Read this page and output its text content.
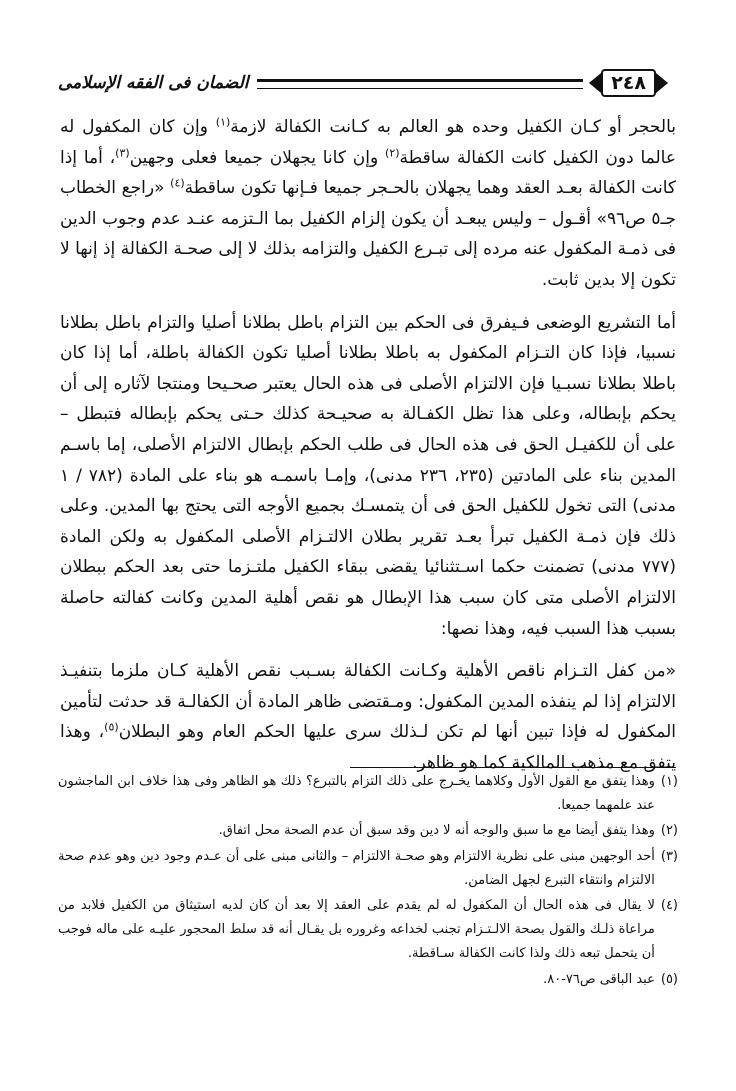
الضمان فى الفقه الإسلامى	٢٤٨

بالحجر أو كـان الكفيل وحده هو العالم به كـانت الكفالة لازمة$^{(١)}$ وإن كان المكفول له عالما دون الكفيل كانت الكفالة ساقطة$^{(٢)}$ وإن كانا يجهلان جميعا فعلى وجهين$^{(٣)}$، أما إذا كانت الكفالة بعـد العقد وهما يجهلان بالحـجر جميعا فـإنها تكون ساقطة$^{(٤)}$ «راجع الخطاب جـ٥ ص٩٦» أقـول – وليس يبعـد أن يكون إلزام الكفيل بما الـتزمه عنـد عدم وجوب الدين فى ذمـة المكفول عنه مرده إلى تبـرع الكفيل والتزامه بذلك لا إلى صحـة الكفالة إذ إنها لا تكون إلا بدين ثابت.

أما التشريع الوضعى فـيفرق فى الحكم بين التزام باطل بطلانا أصليا والتزام باطل بطلانا نسبيا، فإذا كان التـزام المكفول به باطلا بطلانا أصليا تكون الكفالة باطلة، أما إذا كان باطلا بطلانا نسبـيا فإن الالتزام الأصلى فى هذه الحال يعتبر صحـيحا ومنتجا لآثاره إلى أن يحكم بإبطاله، وعلى هذا تظل الكفـالة به صحيـحة كذلك حـتى يحكم بإبطاله فتبطل – على أن للكفيـل الحق فى هذه الحال فى طلب الحكم بإبطال الالتزام الأصلى، إما باسـم المدين بناء على المادتين (٢٣٥، ٢٣٦ مدنى)، وإمـا باسمـه هو بناء على المادة (٧٨٢ / ١ مدنى) التى تخول للكفيل الحق فى أن يتمسـك بجميع الأوجه التى يحتج بها المدين. وعلى ذلك فإن ذمـة الكفيل تبرأ بعـد تقرير بطلان الالتـزام الأصلى المكفول به ولكن المادة (٧٧٧ مدنى) تضمنت حكما اسـتثنائيا يقضى ببقاء الكفيل ملتـزما حتى بعد الحكم ببطلان الالتزام الأصلى متى كان سبب هذا الإبطال هو نقص أهلية المدين وكانت كفالته حاصلة بسبب هذا السبب فيه، وهذا نصها:

«من كفل التـزام ناقص الأهلية وكـانت الكفالة بسـبب نقص الأهلية كـان ملزما بتنفيـذ الالتزام إذا لم ينفذه المدين المكفول: ومـقتضى ظاهر المادة أن الكفالـة قد حدثت لتأمين المكفول له فإذا تبين أنها لم تكن لـذلك سرى عليها الحكم العام وهو البطلان$^{(٥)}$، وهذا يتفق مع مذهب المالكية كما هو ظاهر.

(١)
وهذا يتفق مع القول الأول وكلاهما يخـرج على ذلك التزام بالتبرع؟ ذلك هو الظاهر وفى هذا خلاف ابن الماجشون عند علمهما جميعا.
(٢)
وهذا يتفق أيضا مع ما سبق والوجه أنه لا دين وقد سبق أن عدم الصحة محل اتفاق.
(٣)
أحد الوجهين مبنى على نظرية الالتزام وهو صحـة الالتزام – والثانى مبنى على أن عـدم وجود دين وهو عدم صحة الالتزام وانتقاء التبرع لجهل الضامن.
(٤)
لا يقال فى هذه الحال أن المكفول له لم يقدم على العقد إلا بعد أن كان لديه استيثاق من الكفيل فلابد من مراعاة ذلـك والقول بصحة الالـتـزام تجنب لخداعه وغروره بل يقـال أنه قد سلط المحجور عليـه على ماله فوجب أن يتحمل تبعه ذلك ولذا كانت الكفالة سـاقطة.
(٥)
عبد الباقى ص٧٦-٨٠.
